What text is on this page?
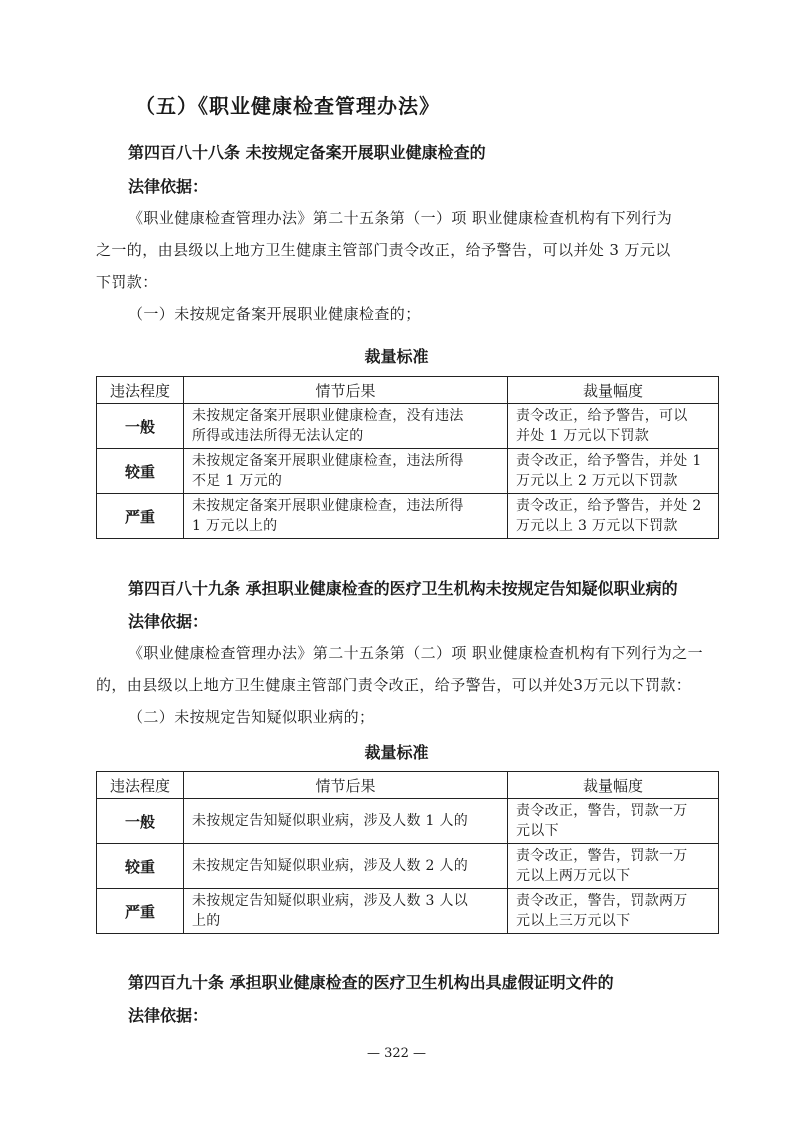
（五）《职业健康检查管理办法》
第四百八十八条 未按规定备案开展职业健康检查的
法律依据：
《职业健康检查管理办法》第二十五条第（一）项 职业健康检查机构有下列行为
之一的，由县级以上地方卫生健康主管部门责令改正，给予警告，可以并处 3 万元以
下罚款：
（一）未按规定备案开展职业健康检查的；
裁量标准
违法程度	情节后果	裁量幅度
一般	未按规定备案开展职业健康检查，没有违法
所得或违法所得无法认定的	责令改正，给予警告，可以
并处 1 万元以下罚款
较重	未按规定备案开展职业健康检查，违法所得
不足 1 万元的	责令改正，给予警告，并处 1
万元以上 2 万元以下罚款
严重	未按规定备案开展职业健康检查，违法所得
1 万元以上的	责令改正，给予警告，并处 2
万元以上 3 万元以下罚款
第四百八十九条 承担职业健康检查的医疗卫生机构未按规定告知疑似职业病的
法律依据：
《职业健康检查管理办法》第二十五条第（二）项 职业健康检查机构有下列行为之一
的，由县级以上地方卫生健康主管部门责令改正，给予警告，可以并处3万元以下罚款：
（二）未按规定告知疑似职业病的；
裁量标准
违法程度	情节后果	裁量幅度
一般	未按规定告知疑似职业病，涉及人数 1 人的	责令改正，警告，罚款一万
元以下
较重	未按规定告知疑似职业病，涉及人数 2 人的	责令改正，警告，罚款一万
元以上两万元以下
严重	未按规定告知疑似职业病，涉及人数 3 人以
上的	责令改正，警告，罚款两万
元以上三万元以下
第四百九十条 承担职业健康检查的医疗卫生机构出具虚假证明文件的
法律依据：
— 322 —
